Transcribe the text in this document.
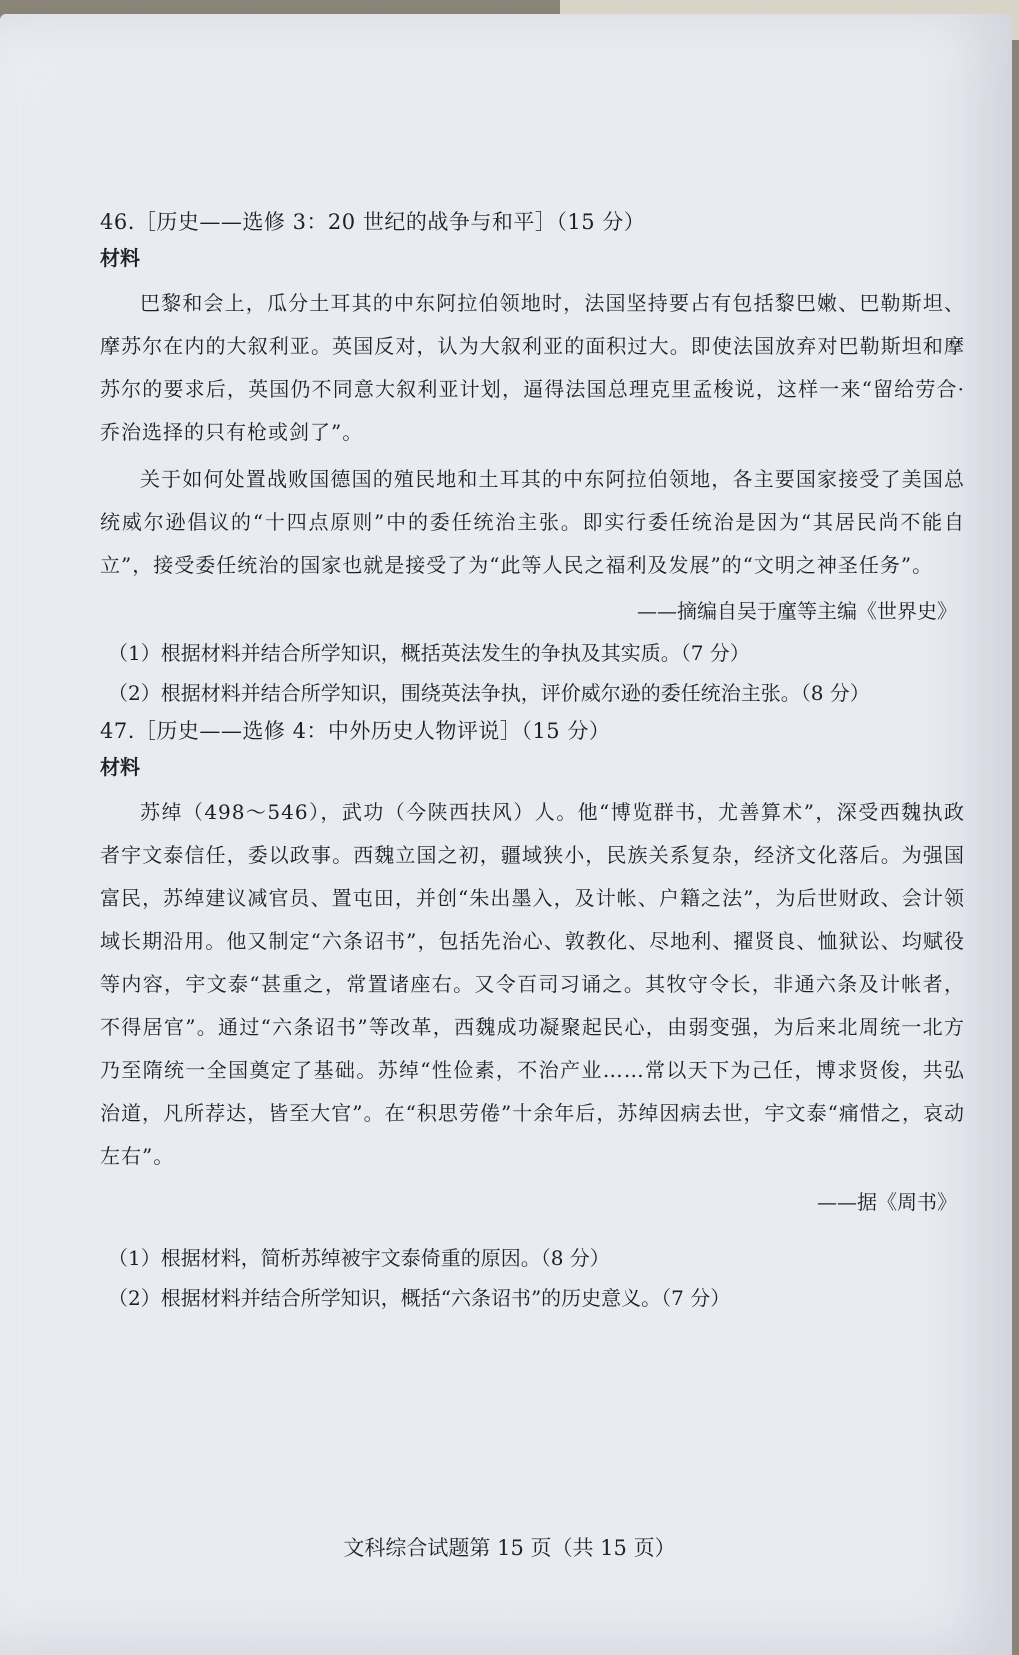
46.［历史——选修 3：20 世纪的战争与和平］（15 分）

材料

巴黎和会上，瓜分土耳其的中东阿拉伯领地时，法国坚持要占有包括黎巴嫩、巴勒斯坦、摩苏尔在内的大叙利亚。英国反对，认为大叙利亚的面积过大。即使法国放弃对巴勒斯坦和摩苏尔的要求后，英国仍不同意大叙利亚计划，逼得法国总理克里孟梭说，这样一来“留给劳合·乔治选择的只有枪或剑了”。

关于如何处置战败国德国的殖民地和土耳其的中东阿拉伯领地，各主要国家接受了美国总统威尔逊倡议的“十四点原则”中的委任统治主张。即实行委任统治是因为“其居民尚不能自立”，接受委任统治的国家也就是接受了为“此等人民之福利及发展”的“文明之神圣任务”。

——摘编自吴于廑等主编《世界史》

（1）根据材料并结合所学知识，概括英法发生的争执及其实质。（7 分）

（2）根据材料并结合所学知识，围绕英法争执，评价威尔逊的委任统治主张。（8 分）

47.［历史——选修 4：中外历史人物评说］（15 分）

材料

苏绰（498～546），武功（今陕西扶风）人。他“博览群书，尤善算术”，深受西魏执政者宇文泰信任，委以政事。西魏立国之初，疆域狭小，民族关系复杂，经济文化落后。为强国富民，苏绰建议减官员、置屯田，并创“朱出墨入，及计帐、户籍之法”，为后世财政、会计领域长期沿用。他又制定“六条诏书”，包括先治心、敦教化、尽地利、擢贤良、恤狱讼、均赋役等内容，宇文泰“甚重之，常置诸座右。又令百司习诵之。其牧守令长，非通六条及计帐者，不得居官”。通过“六条诏书”等改革，西魏成功凝聚起民心，由弱变强，为后来北周统一北方乃至隋统一全国奠定了基础。苏绰“性俭素，不治产业……常以天下为己任，博求贤俊，共弘治道，凡所荐达，皆至大官”。在“积思劳倦”十余年后，苏绰因病去世，宇文泰“痛惜之，哀动左右”。

——据《周书》

（1）根据材料，简析苏绰被宇文泰倚重的原因。（8 分）

（2）根据材料并结合所学知识，概括“六条诏书”的历史意义。（7 分）

文科综合试题第 15 页（共 15 页）
